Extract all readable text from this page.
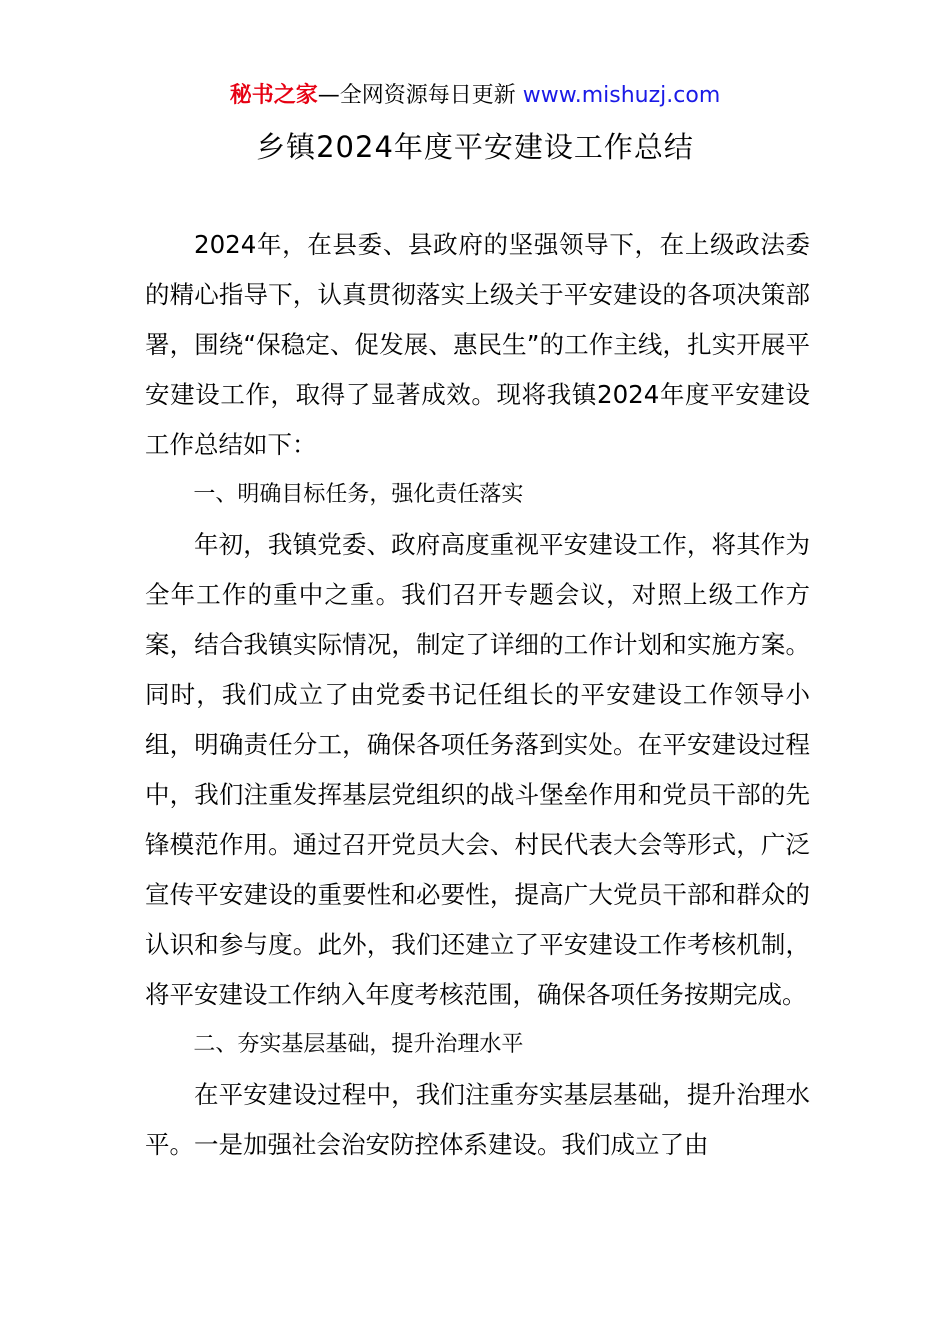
秘书之家—全网资源每日更新 www.mishuzj.com
乡镇2024年度平安建设工作总结

2024年，在县委、县政府的坚强领导下，在上级政法委的精心指导下，认真贯彻落实上级关于平安建设的各项决策部署，围绕“保稳定、促发展、惠民生”的工作主线，扎实开展平安建设工作，取得了显著成效。现将我镇2024年度平安建设工作总结如下：

一、明确目标任务，强化责任落实

年初，我镇党委、政府高度重视平安建设工作，将其作为全年工作的重中之重。我们召开专题会议，对照上级工作方案，结合我镇实际情况，制定了详细的工作计划和实施方案。同时，我们成立了由党委书记任组长的平安建设工作领导小组，明确责任分工，确保各项任务落到实处。在平安建设过程中，我们注重发挥基层党组织的战斗堡垒作用和党员干部的先锋模范作用。通过召开党员大会、村民代表大会等形式，广泛宣传平安建设的重要性和必要性，提高广大党员干部和群众的认识和参与度。此外，我们还建立了平安建设工作考核机制，将平安建设工作纳入年度考核范围，确保各项任务按期完成。

二、夯实基层基础，提升治理水平

在平安建设过程中，我们注重夯实基层基础，提升治理水平。一是加强社会治安防控体系建设。我们成立了由
